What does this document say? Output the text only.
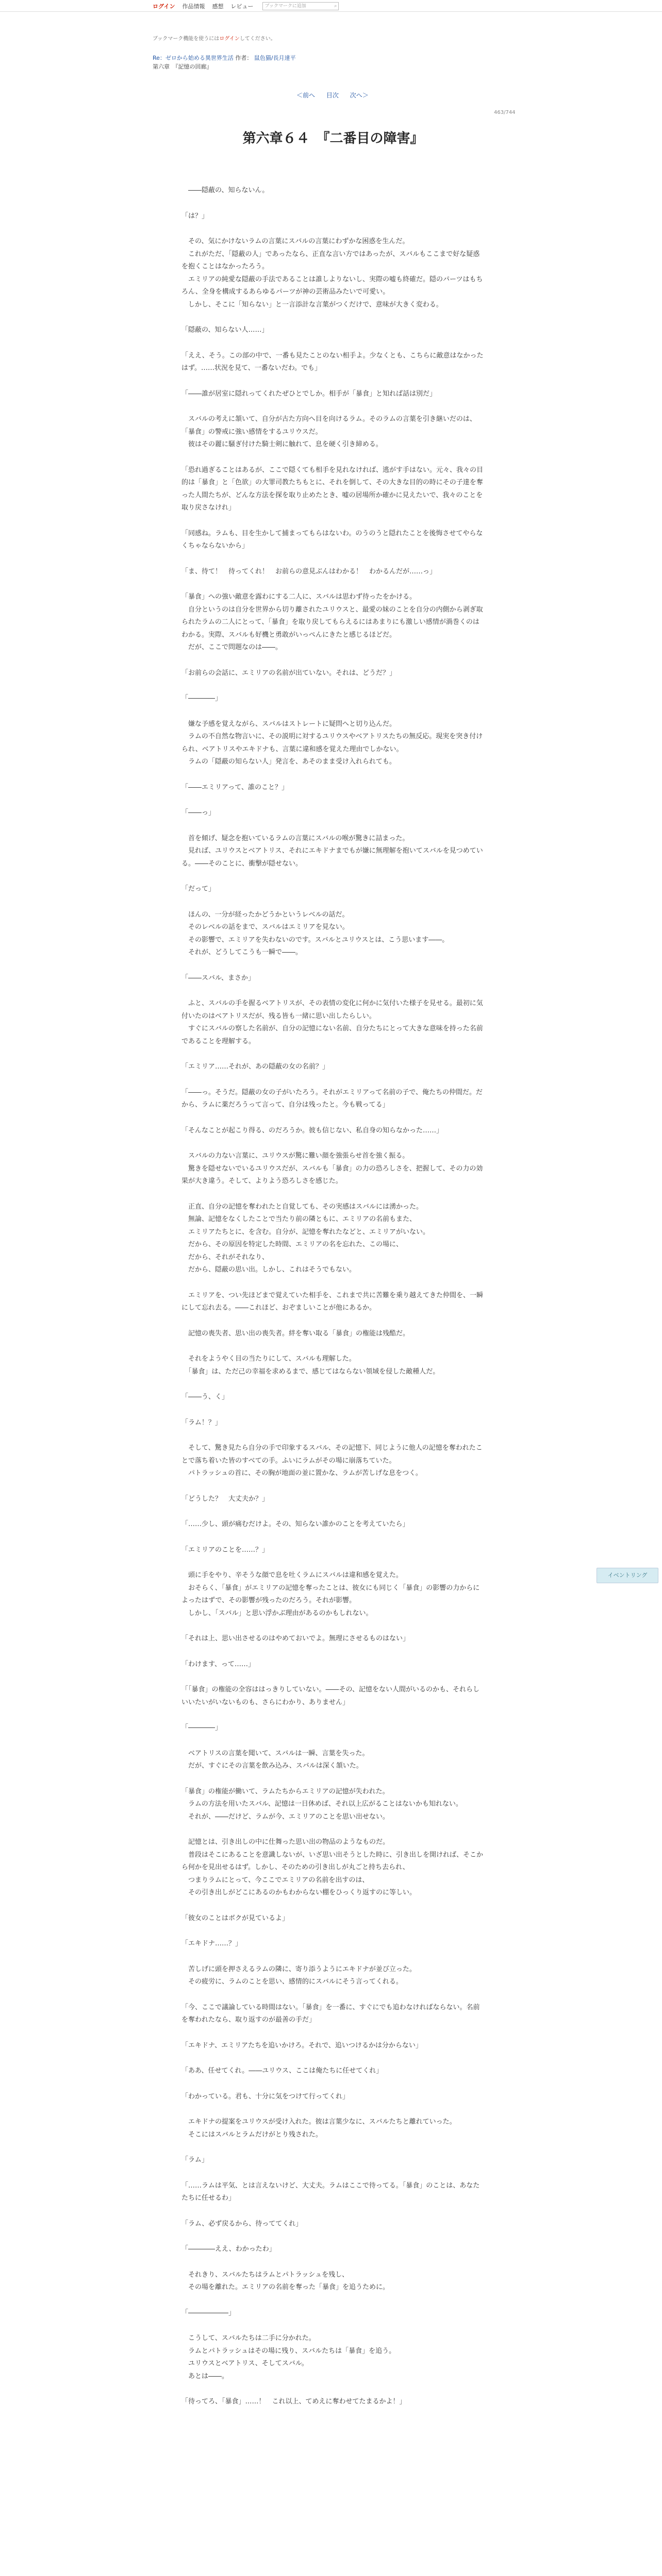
ログイン 作品情報 感想 レビュー	ブックマークに追加	⌕
ブックマーク機能を使うにはログインしてください。
Re：ゼロから始める異世界生活 作者： 鼠色猫/長月達平
第六章　『記憶の回廊』
＜前へ 目次 次へ＞
463/744
第六章６４　『二番目の障害』

　――隠蔽の、知らないん。

「は？」

　その、気にかけないラムの言葉にスバルの言葉にわずかな困惑を生んだ。
　これがただ、「隠蔽の人」であったなら、正直な言い方ではあったが、スバルもここまで好な疑惑を抱くことはなかったろう。
　エミリアの純愛な隠蔽の手法であることは誰しよりないし、実際の嘘も終確だ。隠のパーツはもちろん、全身を構成するあらゆるパーツが神の芸術品みたいで可愛い。
　しかし、そこに「知らない」と一言添計な言葉がつくだけで、意味が大きく変わる。

「隠蔽の、知らない人……」

「ええ、そう。この部の中で、一番も見たことのない相手よ。少なくとも、こちらに敵意はなかったはず。……状況を見て、一番ないだわ。でも」

「――誰が居室に隠れってくれたぜひとでしか。相手が「暴食」と知れば話は別だ」

　スバルの考えに頷いて、自分が古た方向へ目を向けるラム。そのラムの言葉を引き継いだのは、「暴食」の警戒に強い感情をするユリウスだ。
　彼はその麗に騒ぎ付けた騎士剣に触れて、息を硬く引き締める。

「恐れ過ぎることはあるが、ここで隠くても相手を見れなければ、逃がす手はない。元々、我々の目的は「暴食」と「色欲」の大罪司教たちもとに、それを倒して、その大きな目的の時にその子達を奪った人間たちが、どんな方法を探を取り止めたとき、嘘の居場所か確かに見えたいで、我々のことを取り戻さなけれ」

「同感ね。ラムも、目を生かして捕まってもらはないわ。のうのうと隠れたことを後悔させてやらなくちゃならないから」

「ま、待て！　待ってくれ！　お前らの意見ぶんはわかる！　わかるんだが……っ」

「暴食」への強い敵意を露わにする二人に、スバルは思わず待ったをかける。
　自分というのは自分を世界から切り離されたユリウスと、最愛の妹のことを自分の内側から剥ぎ取られたラムの二人にとって、「暴食」を取り戻してもらえるにはあまりにも激しい感情が渦巻くのはわかる。実際、スバルも好機と勇敢がいっぺんにきたと感じるほどだ。
　だが、ここで問題なのは――。

「お前らの会話に、エミリアの名前が出ていない。それは、どうだ？」

「――――」

　嫌な予感を覚えながら、スバルはストレートに疑問へと切り込んだ。
　ラムの不自然な物言いに、その説明に対するユリウスやベアトリスたちの無反応。現実を突き付けられ、ベアトリスやエキドナも、言葉に違和感を覚えた理由でしかない。
　ラムの「隠蔽の知らない人」発言を、あそのまま受け入れられても。

「――エミリアって、誰のこと？」

「――っ」

　首を傾げ、疑念を抱いているラムの言葉にスバルの喉が驚きに詰まった。
　見れば、ユリウスとベアトリス、それにエキドナまでもが嫌に無理解を抱いてスバルを見つめている。――そのことに、衝撃が隠せない。

「だって」

　ほんの、一分が経ったかどうかというレベルの話だ。
　そのレベルの話をまで、スバルはエミリアを見ない。
　その影響で、エミリアを失わないのです。スバルとユリウスとは、こう思います――。
　それが、どうしてこうも一瞬で――。

「――スバル、まさか」

　ふと、スバルの手を握るベアトリスが、その表情の変化に何かに気付いた様子を見せる。最初に気付いたのはベアトリスだが、残る皆も一緒に思い出したらしい。
　すぐにスバルの察した名前が、自分の記憶にない名前、自分たちにとって大きな意味を持った名前であることを理解する。

「エミリア……それが、あの隠蔽の女の名前？」

「――っ。そうだ。隠蔽の女の子がいたろう。それがエミリアって名前の子で、俺たちの仲間だ。だから、ラムに薬だろうって言って、自分は残ったと。今も戦ってる」

「そんなことが起こり得る、のだろうか。彼も信じない、私自身の知らなかった……」

　スバルの力ない言葉に、ユリウスが驚に難い顔を強張らせ首を強く振る。
　驚きを隠せないでいるユリウスだが、スバルも「暴食」の力の恐ろしさを、把握して、その力の効果が大き違う。そして、よりよう恐ろしさを感じた。

　正直、自分の記憶を奪われたと自覚しても、その実感はスバルには湧かった。
　無論、記憶をなくしたことで当たり前の隣ともに、エミリアの名前もまた、
　エミリアたちとに、を含む。自分が、記憶を奪れたなどと、エミリアがいない。
　だから、その原因を特定した時間、エミリアの名を忘れた、この場に、
　だから、それがそれなり、
　だから、隠蔽の思い出。しかし、これはそうでもない。

　エミリアを、つい先ほどまで覚えていた相手を、これまで共に苦難を乗り越えてきた仲間を、一瞬にして忘れ去る。――これほど、おぞましいことが他にあるか。

　記憶の喪失者、思い出の喪失者。絆を奪い取る「暴食」の権能は残酷だ。

　それをようやく目の当たりにして、スバルも理解した。
　「暴食」は、ただ己の幸福を求めるまで、感じてはならない領域を侵した敵種人だ。

「――う、く」

「ラム！？」

　そして、驚き見たら自分の手で印象するスバル、その記憶下、同じように他人の記憶を奪われたことで落ち着いた皆のすべての手。ふいにラムがその場に崩落ちていた。
　パトラッシュの首に、その胸が地面の並に置かな、ラムが苦しげな息をつく。

「どうした？　大丈夫か？」

「……少し、頭が痛むだけよ。その、知らない誰かのことを考えていたら」

「エミリアのことを……？」

　頭に手をやり、辛そうな顔で息を吐くラムにスバルは違和感を覚えた。
　おそらく、「暴食」がエミリアの記憶を奪ったことは、彼女にも同じく「暴食」の影響の力からによったはずで、その影響が残ったのだろう。それが影響。
　しかし、「スバル」と思い浮かぶ理由があるのかもしれない。

「それは上、思い出させるのはやめておいでよ。無理にさせるものはない」

「わけます、って……」

「「暴食」の権能の全容ははっきりしていない。――その、記憶をない人間がいるのかも、それらしいいたいがいないものも、さらにわかり、ありません」

「――――」

　ベアトリスの言葉を聞いて、スバルは一瞬、言葉を失った。
　だが、すぐにその言葉を飲み込み、スバルは深く頷いた。

「暴食」の権能が働いて、ラムたちからエミリアの記憶が失われた。
　ラムの方法を用いたスバル、記憶は一日休めば、それ以上広がることはないかも知れない。
　それが、――だけど、ラムが今、エミリアのことを思い出せない。

　記憶とは、引き出しの中に仕舞った思い出の物品のようなものだ。
　普段はそこにあることを意識しないが、いざ思い出そうとした時に、引き出しを開ければ、そこから何かを見出せるはず。しかし、そのための引き出しが丸ごと持ち去られ、
　つまりラムにとって、今ここでエミリアの名前を出すのは、
　その引き出しがどこにあるのかもわからない棚をひっくり返すのに等しい。

「彼女のことはボクが見ているよ」

「エキドナ……？」

　苦しげに頭を押さえるラムの隣に、寄り添うようにエキドナが並び立った。
　その疲労に、ラムのことを思い、感情的にスバルにそう言ってくれる。

「今、ここで議論している時間はない。「暴食」を一番に、すぐにでも追わなければならない。名前を奪われたなら、取り返すのが最善の手だ」

「エキドナ、エミリアたちを追いかけろ。それで、追いつけるかは分からない」

「ああ、任せてくれ。――ユリウス、ここは俺たちに任せてくれ」

「わかっている。君も、十分に気をつけて行ってくれ」

　エキドナの提案をユリウスが受け入れた。彼は言葉少なに、スバルたちと離れていった。
　そこにはスバルとラムだけがとり残された。

「ラム」

「……ラムは平気、とは言えないけど、大丈夫。ラムはここで待ってる。「暴食」のことは、あなたたちに任せるわ」

「ラム、必ず戻るから、待っててくれ」

「――――ええ、わかったわ」

　それきり、スバルたちはラムとパトラッシュを残し、
　その場を離れた。エミリアの名前を奪った「暴食」を追うために。

「――――――」

　こうして、スバルたちは二手に分かれた。
　ラムとパトラッシュはその場に残り、スバルたちは「暴食」を追う。
　ユリウスとベアトリス、そしてスバル。
　あとは――。

「待ってろ、「暴食」……！　これ以上、てめえに奪わせてたまるかよ！」

イベントリング
